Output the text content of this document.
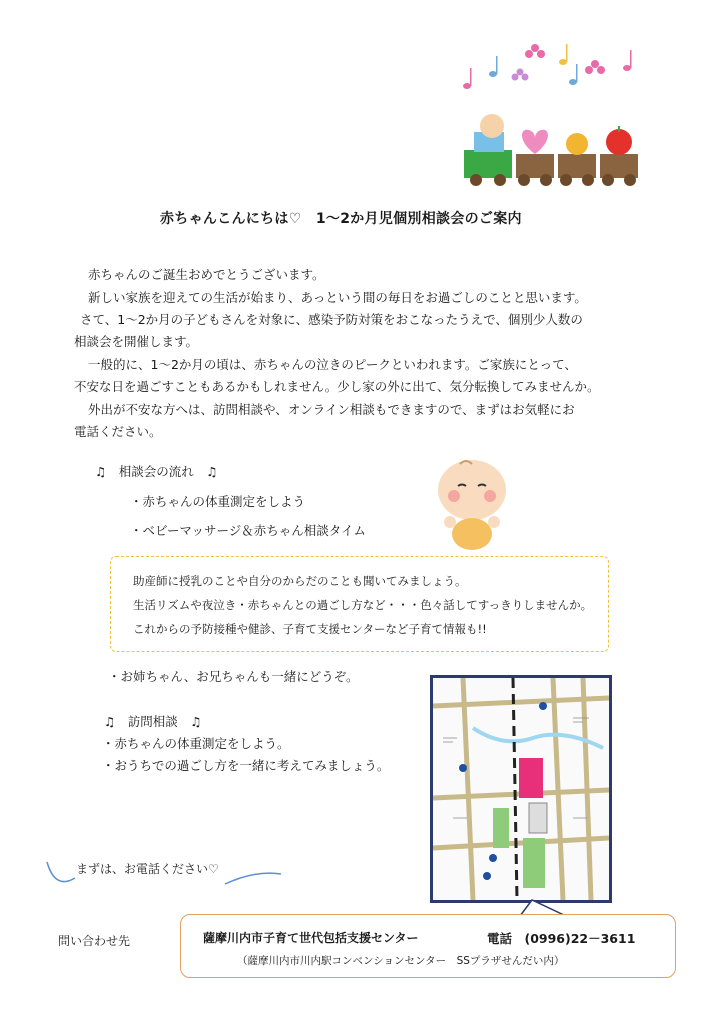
赤ちゃんこんにちは♡　1～2か月児個別相談会のご案内

赤ちゃんのご誕生おめでとうございます。

新しい家族を迎えての生活が始まり、あっという間の毎日をお過ごしのことと思います。

さて、1～2か月の子どもさんを対象に、感染予防対策をおこなったうえで、個別少人数の

相談会を開催します。

一般的に、1～2か月の頃は、赤ちゃんの泣きのピークといわれます。ご家族にとって、

不安な日を過ごすこともあるかもしれません。少し家の外に出て、気分転換してみませんか。

外出が不安な方へは、訪問相談や、オンライン相談もできますので、まずはお気軽にお

電話ください。

♫　相談会の流れ　♫
・赤ちゃんの体重測定をしよう
・ベビーマッサージ＆赤ちゃん相談タイム

助産師に授乳のことや自分のからだのことも聞いてみましょう。

生活リズムや夜泣き・赤ちゃんとの過ごし方など・・・色々話してすっきりしませんか。

これからの予防接種や健診、子育て支援センターなど子育て情報も!!

・お姉ちゃん、お兄ちゃんも一緒にどうぞ。
♫　訪問相談　♫
・赤ちゃんの体重測定をしよう。
・おうちでの過ごし方を一緒に考えてみましょう。
まずは、お電話ください♡
問い合わせ先	薩摩川内市子育て世代包括支援センター	電話　(0996)22－3611
（薩摩川内市川内駅コンベンションセンター　SSプラザせんだい内）
